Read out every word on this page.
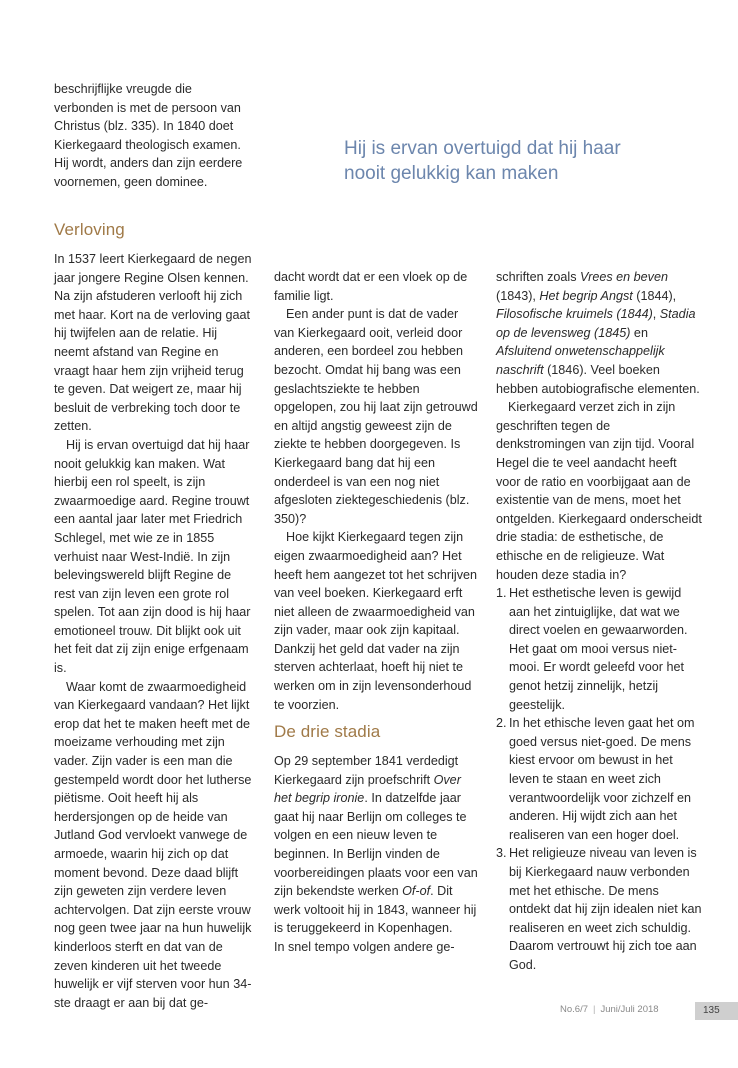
beschrijflijke vreugde die verbonden is met de persoon van Christus (blz. 335). In 1840 doet Kierkegaard theologisch examen. Hij wordt, anders dan zijn eerdere voornemen, geen dominee.

Verloving

In 1537 leert Kierkegaard de negen jaar jongere Regine Olsen kennen. Na zijn afstuderen verlooft hij zich met haar. Kort na de verloving gaat hij twijfelen aan de relatie. Hij neemt afstand van Regine en vraagt haar hem zijn vrijheid terug te geven. Dat weigert ze, maar hij besluit de verbreking toch door te zetten.

Hij is ervan overtuigd dat hij haar nooit gelukkig kan maken. Wat hierbij een rol speelt, is zijn zwaarmoedige aard. Regine trouwt een aantal jaar later met Friedrich Schlegel, met wie ze in 1855 verhuist naar West-Indië. In zijn belevingswereld blijft Regine de rest van zijn leven een grote rol spelen. Tot aan zijn dood is hij haar emotioneel trouw. Dit blijkt ook uit het feit dat zij zijn enige erfgenaam is.

Waar komt de zwaarmoedigheid van Kierkegaard vandaan? Het lijkt erop dat het te maken heeft met de moeizame verhouding met zijn vader. Zijn vader is een man die gestempeld wordt door het lutherse piëtisme. Ooit heeft hij als herdersjongen op de heide van Jutland God vervloekt vanwege de armoede, waarin hij zich op dat moment bevond. Deze daad blijft zijn geweten zijn verdere leven achtervolgen. Dat zijn eerste vrouw nog geen twee jaar na hun huwelijk kinderloos sterft en dat van de zeven kinderen uit het tweede huwelijk er vijf sterven voor hun 34-ste draagt er aan bij dat ge-

Hij is ervan overtuigd dat hij haar nooit gelukkig kan maken

dacht wordt dat er een vloek op de familie ligt.

Een ander punt is dat de vader van Kierkegaard ooit, verleid door anderen, een bordeel zou hebben bezocht. Omdat hij bang was een geslachtsziekte te hebben opgelopen, zou hij laat zijn getrouwd en altijd angstig geweest zijn de ziekte te hebben doorgegeven. Is Kierkegaard bang dat hij een onderdeel is van een nog niet afgesloten ziektegeschiedenis (blz. 350)?

Hoe kijkt Kierkegaard tegen zijn eigen zwaarmoedigheid aan? Het heeft hem aangezet tot het schrijven van veel boeken. Kierkegaard erft niet alleen de zwaarmoedigheid van zijn vader, maar ook zijn kapitaal. Dankzij het geld dat vader na zijn sterven achterlaat, hoeft hij niet te werken om in zijn levensonderhoud te voorzien.

De drie stadia

Op 29 september 1841 verdedigt Kierkegaard zijn proefschrift Over het begrip ironie. In datzelfde jaar gaat hij naar Berlijn om colleges te volgen en een nieuw leven te beginnen. In Berlijn vinden de voorbereidingen plaats voor een van zijn bekendste werken Of-of. Dit werk voltooit hij in 1843, wanneer hij is teruggekeerd in Kopenhagen.

In snel tempo volgen andere ge-

schriften zoals Vrees en beven (1843), Het begrip Angst (1844), Filosofische kruimels (1844), Stadia op de levensweg (1845) en Afsluitend onwetenschappelijk naschrift (1846). Veel boeken hebben autobiografische elementen.

Kierkegaard verzet zich in zijn geschriften tegen de denkstromingen van zijn tijd. Vooral Hegel die te veel aandacht heeft voor de ratio en voorbijgaat aan de existentie van de mens, moet het ontgelden. Kierkegaard onderscheidt drie stadia: de esthetische, de ethische en de religieuze. Wat houden deze stadia in?

1. Het esthetische leven is gewijd aan het zintuiglijke, dat wat we direct voelen en gewaarworden. Het gaat om mooi versus niet-mooi. Er wordt geleefd voor het genot hetzij zinnelijk, hetzij geestelijk.
2. In het ethische leven gaat het om goed versus niet-goed. De mens kiest ervoor om bewust in het leven te staan en weet zich verantwoordelijk voor zichzelf en anderen. Hij wijdt zich aan het realiseren van een hoger doel.
3. Het religieuze niveau van leven is bij Kierkegaard nauw verbonden met het ethische. De mens ontdekt dat hij zijn idealen niet kan realiseren en weet zich schuldig. Daarom vertrouwt hij zich toe aan God.
No.6/7 | Juni/Juli 2018	135
